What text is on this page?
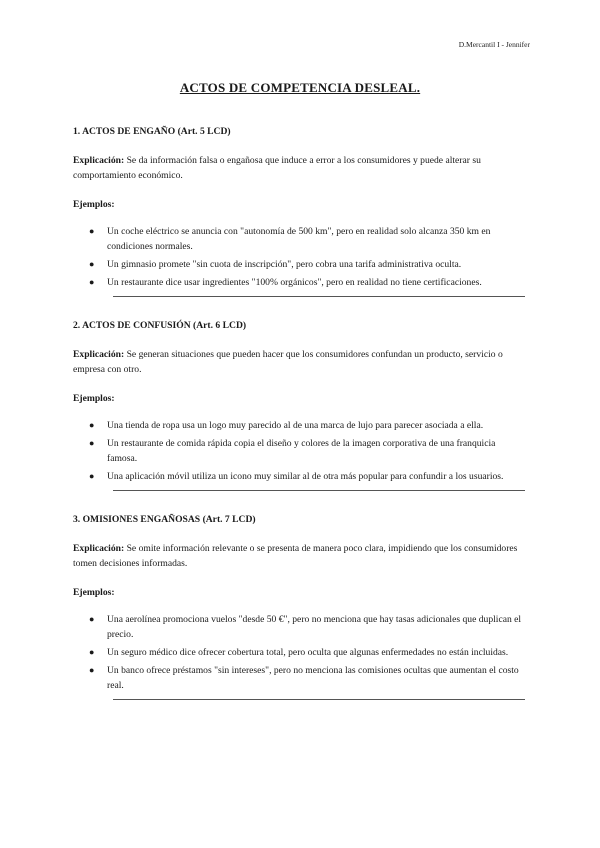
D.Mercantil I - Jennifer
ACTOS DE COMPETENCIA DESLEAL.

1. ACTOS DE ENGAÑO (Art. 5 LCD)

Explicación: Se da información falsa o engañosa que induce a error a los consumidores y puede alterar su comportamiento económico.

Ejemplos:

● Un coche eléctrico se anuncia con "autonomía de 500 km", pero en realidad solo alcanza 350 km en condiciones normales.
● Un gimnasio promete "sin cuota de inscripción", pero cobra una tarifa administrativa oculta.
● Un restaurante dice usar ingredientes "100% orgánicos", pero en realidad no tiene certificaciones.

2. ACTOS DE CONFUSIÓN (Art. 6 LCD)

Explicación: Se generan situaciones que pueden hacer que los consumidores confundan un producto, servicio o empresa con otro.

Ejemplos:

● Una tienda de ropa usa un logo muy parecido al de una marca de lujo para parecer asociada a ella.
● Un restaurante de comida rápida copia el diseño y colores de la imagen corporativa de una franquicia famosa.
● Una aplicación móvil utiliza un icono muy similar al de otra más popular para confundir a los usuarios.

3. OMISIONES ENGAÑOSAS (Art. 7 LCD)

Explicación: Se omite información relevante o se presenta de manera poco clara, impidiendo que los consumidores tomen decisiones informadas.

Ejemplos:

● Una aerolínea promociona vuelos "desde 50 €", pero no menciona que hay tasas adicionales que duplican el precio.
● Un seguro médico dice ofrecer cobertura total, pero oculta que algunas enfermedades no están incluidas.
● Un banco ofrece préstamos "sin intereses", pero no menciona las comisiones ocultas que aumentan el costo real.
